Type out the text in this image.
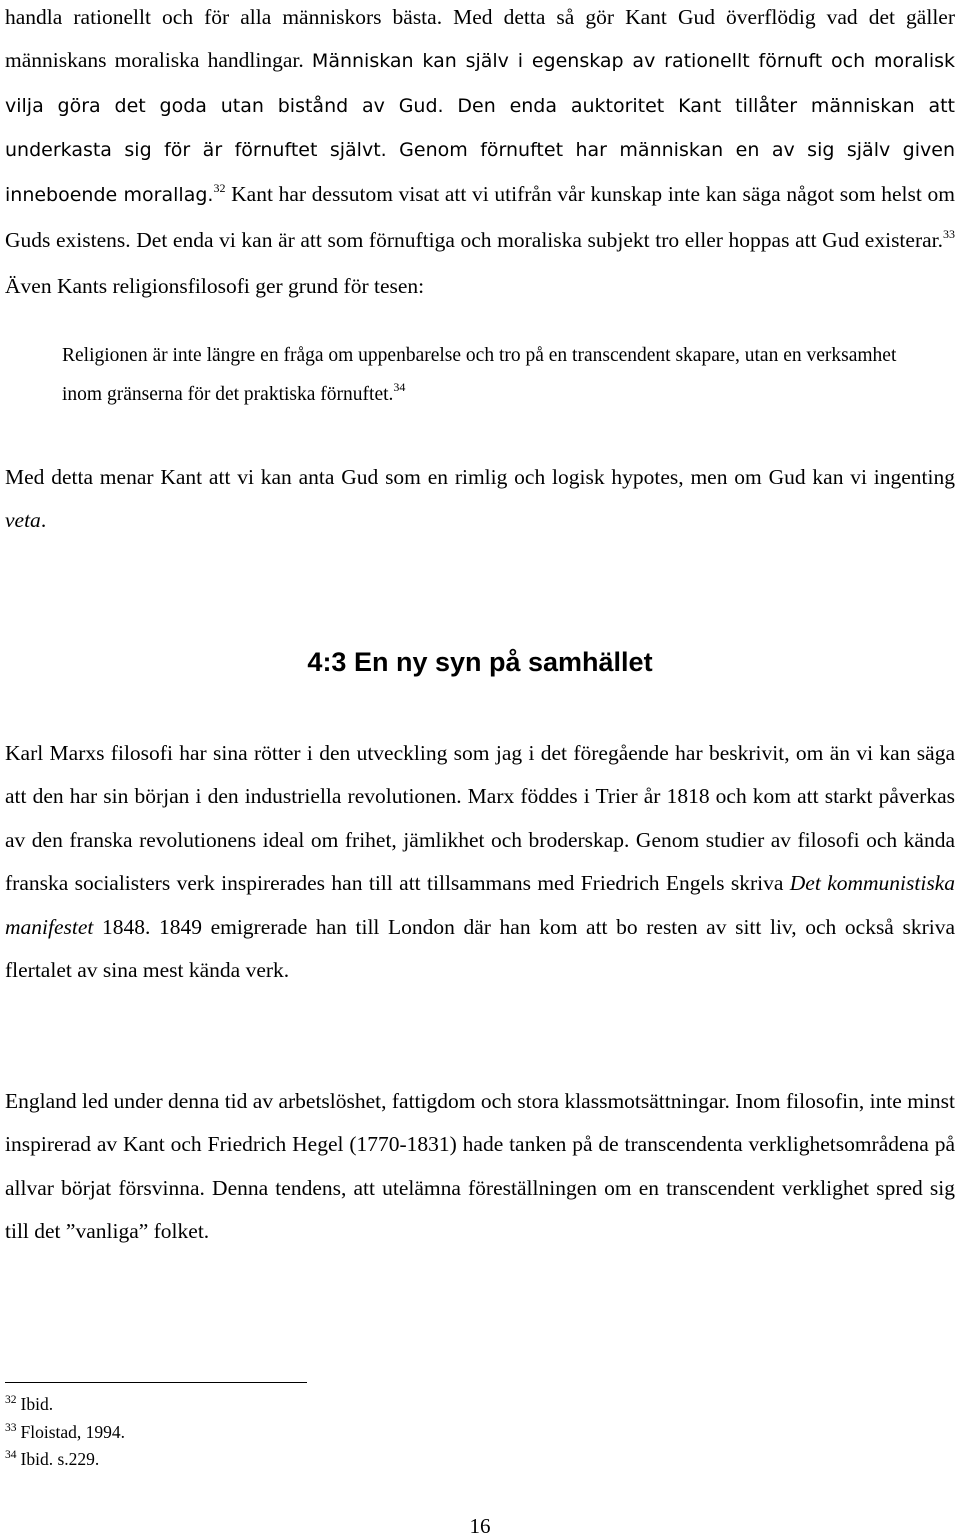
handla rationellt och för alla människors bästa. Med detta så gör Kant Gud överflödig vad det gäller människans moraliska handlingar. Människan kan själv i egenskap av rationellt förnuft och moralisk vilja göra det goda utan bistånd av Gud. Den enda auktoritet Kant tillåter människan att underkasta sig för är förnuftet självt. Genom förnuftet har människan en av sig själv given inneboende morallag.$^{32}$ Kant har dessutom visat att vi utifrån vår kunskap inte kan säga något som helst om Guds existens. Det enda vi kan är att som förnuftiga och moraliska subjekt tro eller hoppas att Gud existerar.$^{33}$ Även Kants religionsfilosofi ger grund för tesen:

Religionen är inte längre en fråga om uppenbarelse och tro på en transcendent skapare, utan en verksamhet inom gränserna för det praktiska förnuftet.$^{34}$

Med detta menar Kant att vi kan anta Gud som en rimlig och logisk hypotes, men om Gud kan vi ingenting veta.

4:3 En ny syn på samhället

Karl Marxs filosofi har sina rötter i den utveckling som jag i det föregående har beskrivit, om än vi kan säga att den har sin början i den industriella revolutionen. Marx föddes i Trier år 1818 och kom att starkt påverkas av den franska revolutionens ideal om frihet, jämlikhet och broderskap. Genom studier av filosofi och kända franska socialisters verk inspirerades han till att tillsammans med Friedrich Engels skriva Det kommunistiska manifestet 1848. 1849 emigrerade han till London där han kom att bo resten av sitt liv, och också skriva flertalet av sina mest kända verk.

England led under denna tid av arbetslöshet, fattigdom och stora klassmotsättningar. Inom filosofin, inte minst inspirerad av Kant och Friedrich Hegel (1770-1831) hade tanken på de transcendenta verklighetsområdena på allvar börjat försvinna. Denna tendens, att utelämna föreställningen om en transcendent verklighet spred sig till det ”vanliga” folket.

$^{32}$ Ibid.
$^{33}$ Floistad, 1994.
$^{34}$ Ibid. s.229.
16
